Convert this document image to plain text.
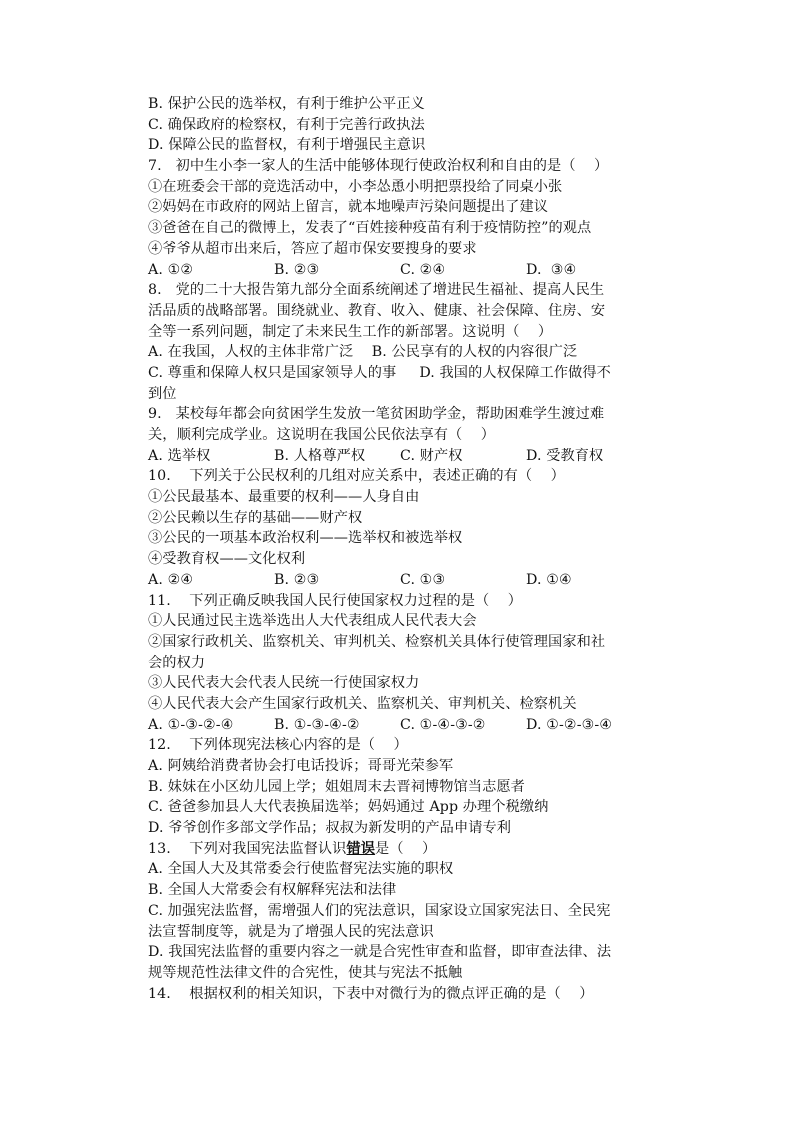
B. 保护公民的选举权，有利于维护公平正义
C. 确保政府的检察权，有利于完善行政执法
D. 保障公民的监督权，有利于增强民主意识
7.   初中生小李一家人的生活中能够体现行使政治权利和自由的是（    ）
①在班委会干部的竞选活动中，小李怂恿小明把票投给了同桌小张
②妈妈在市政府的网站上留言，就本地噪声污染问题提出了建议
③爸爸在自己的微博上，发表了“百姓接种疫苗有利于疫情防控”的观点
④爷爷从超市出来后，答应了超市保安要搜身的要求
A. ①②	B. ②③	C. ②④	D.  ③④
8.   党的二十大报告第九部分全面系统阐述了增进民生福祉、提高人民生
活品质的战略部署。围绕就业、教育、收入、健康、社会保障、住房、安
全等一系列问题，制定了未来民生工作的新部署。这说明（    ）
A. 在我国，人权的主体非常广泛    B. 公民享有的人权的内容很广泛
C. 尊重和保障人权只是国家领导人的事     D. 我国的人权保障工作做得不
到位
9.   某校每年都会向贫困学生发放一笔贫困助学金，帮助困难学生渡过难
关，顺利完成学业。这说明在我国公民依法享有（    ）
A. 选举权	B. 人格尊严权	C. 财产权	D. 受教育权
10.    下列关于公民权利的几组对应关系中，表述正确的有（    ）
①公民最基本、最重要的权利——人身自由
②公民赖以生存的基础——财产权
③公民的一项基本政治权利——选举权和被选举权
④受教育权——文化权利
A. ②④	B. ②③	C. ①③	D. ①④
11.    下列正确反映我国人民行使国家权力过程的是（    ）
①人民通过民主选举选出人大代表组成人民代表大会
②国家行政机关、监察机关、审判机关、检察机关具体行使管理国家和社
会的权力
③人民代表大会代表人民统一行使国家权力
④人民代表大会产生国家行政机关、监察机关、审判机关、检察机关
A. ①-③-②-④	B. ①-③-④-②	C. ①-④-③-②	D. ①-②-③-④
12.    下列体现宪法核心内容的是（    ）
A. 阿姨给消费者协会打电话投诉；哥哥光荣参军
B. 妹妹在小区幼儿园上学；姐姐周末去晋祠博物馆当志愿者
C. 爸爸参加县人大代表换届选举；妈妈通过 App 办理个税缴纳
D. 爷爷创作多部文学作品；叔叔为新发明的产品申请专利
13.    下列对我国宪法监督认识错误是（    ）
A. 全国人大及其常委会行使监督宪法实施的职权
B. 全国人大常委会有权解释宪法和法律
C. 加强宪法监督，需增强人们的宪法意识，国家设立国家宪法日、全民宪
法宣誓制度等，就是为了增强人民的宪法意识
D. 我国宪法监督的重要内容之一就是合宪性审查和监督，即审查法律、法
规等规范性法律文件的合宪性，使其与宪法不抵触
14.    根据权利的相关知识，下表中对微行为的微点评正确的是（    ）
